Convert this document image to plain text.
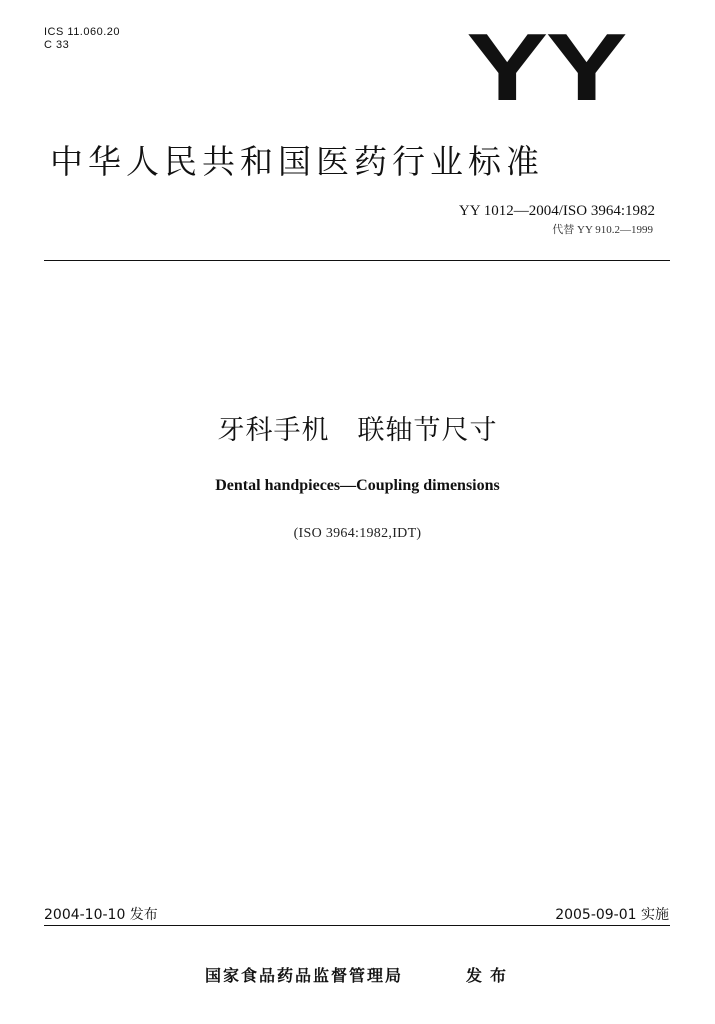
ICS 11.060.20
C 33	YY
中华人民共和国医药行业标准
YY 1012—2004/ISO 3964:1982
代替 YY 910.2—1999
牙科手机 联轴节尺寸
Dental handpieces—Coupling dimensions
(ISO 3964:1982,IDT)
2004-10-10 发布	2005-09-01 实施
国家食品药品监督管理局	发布
